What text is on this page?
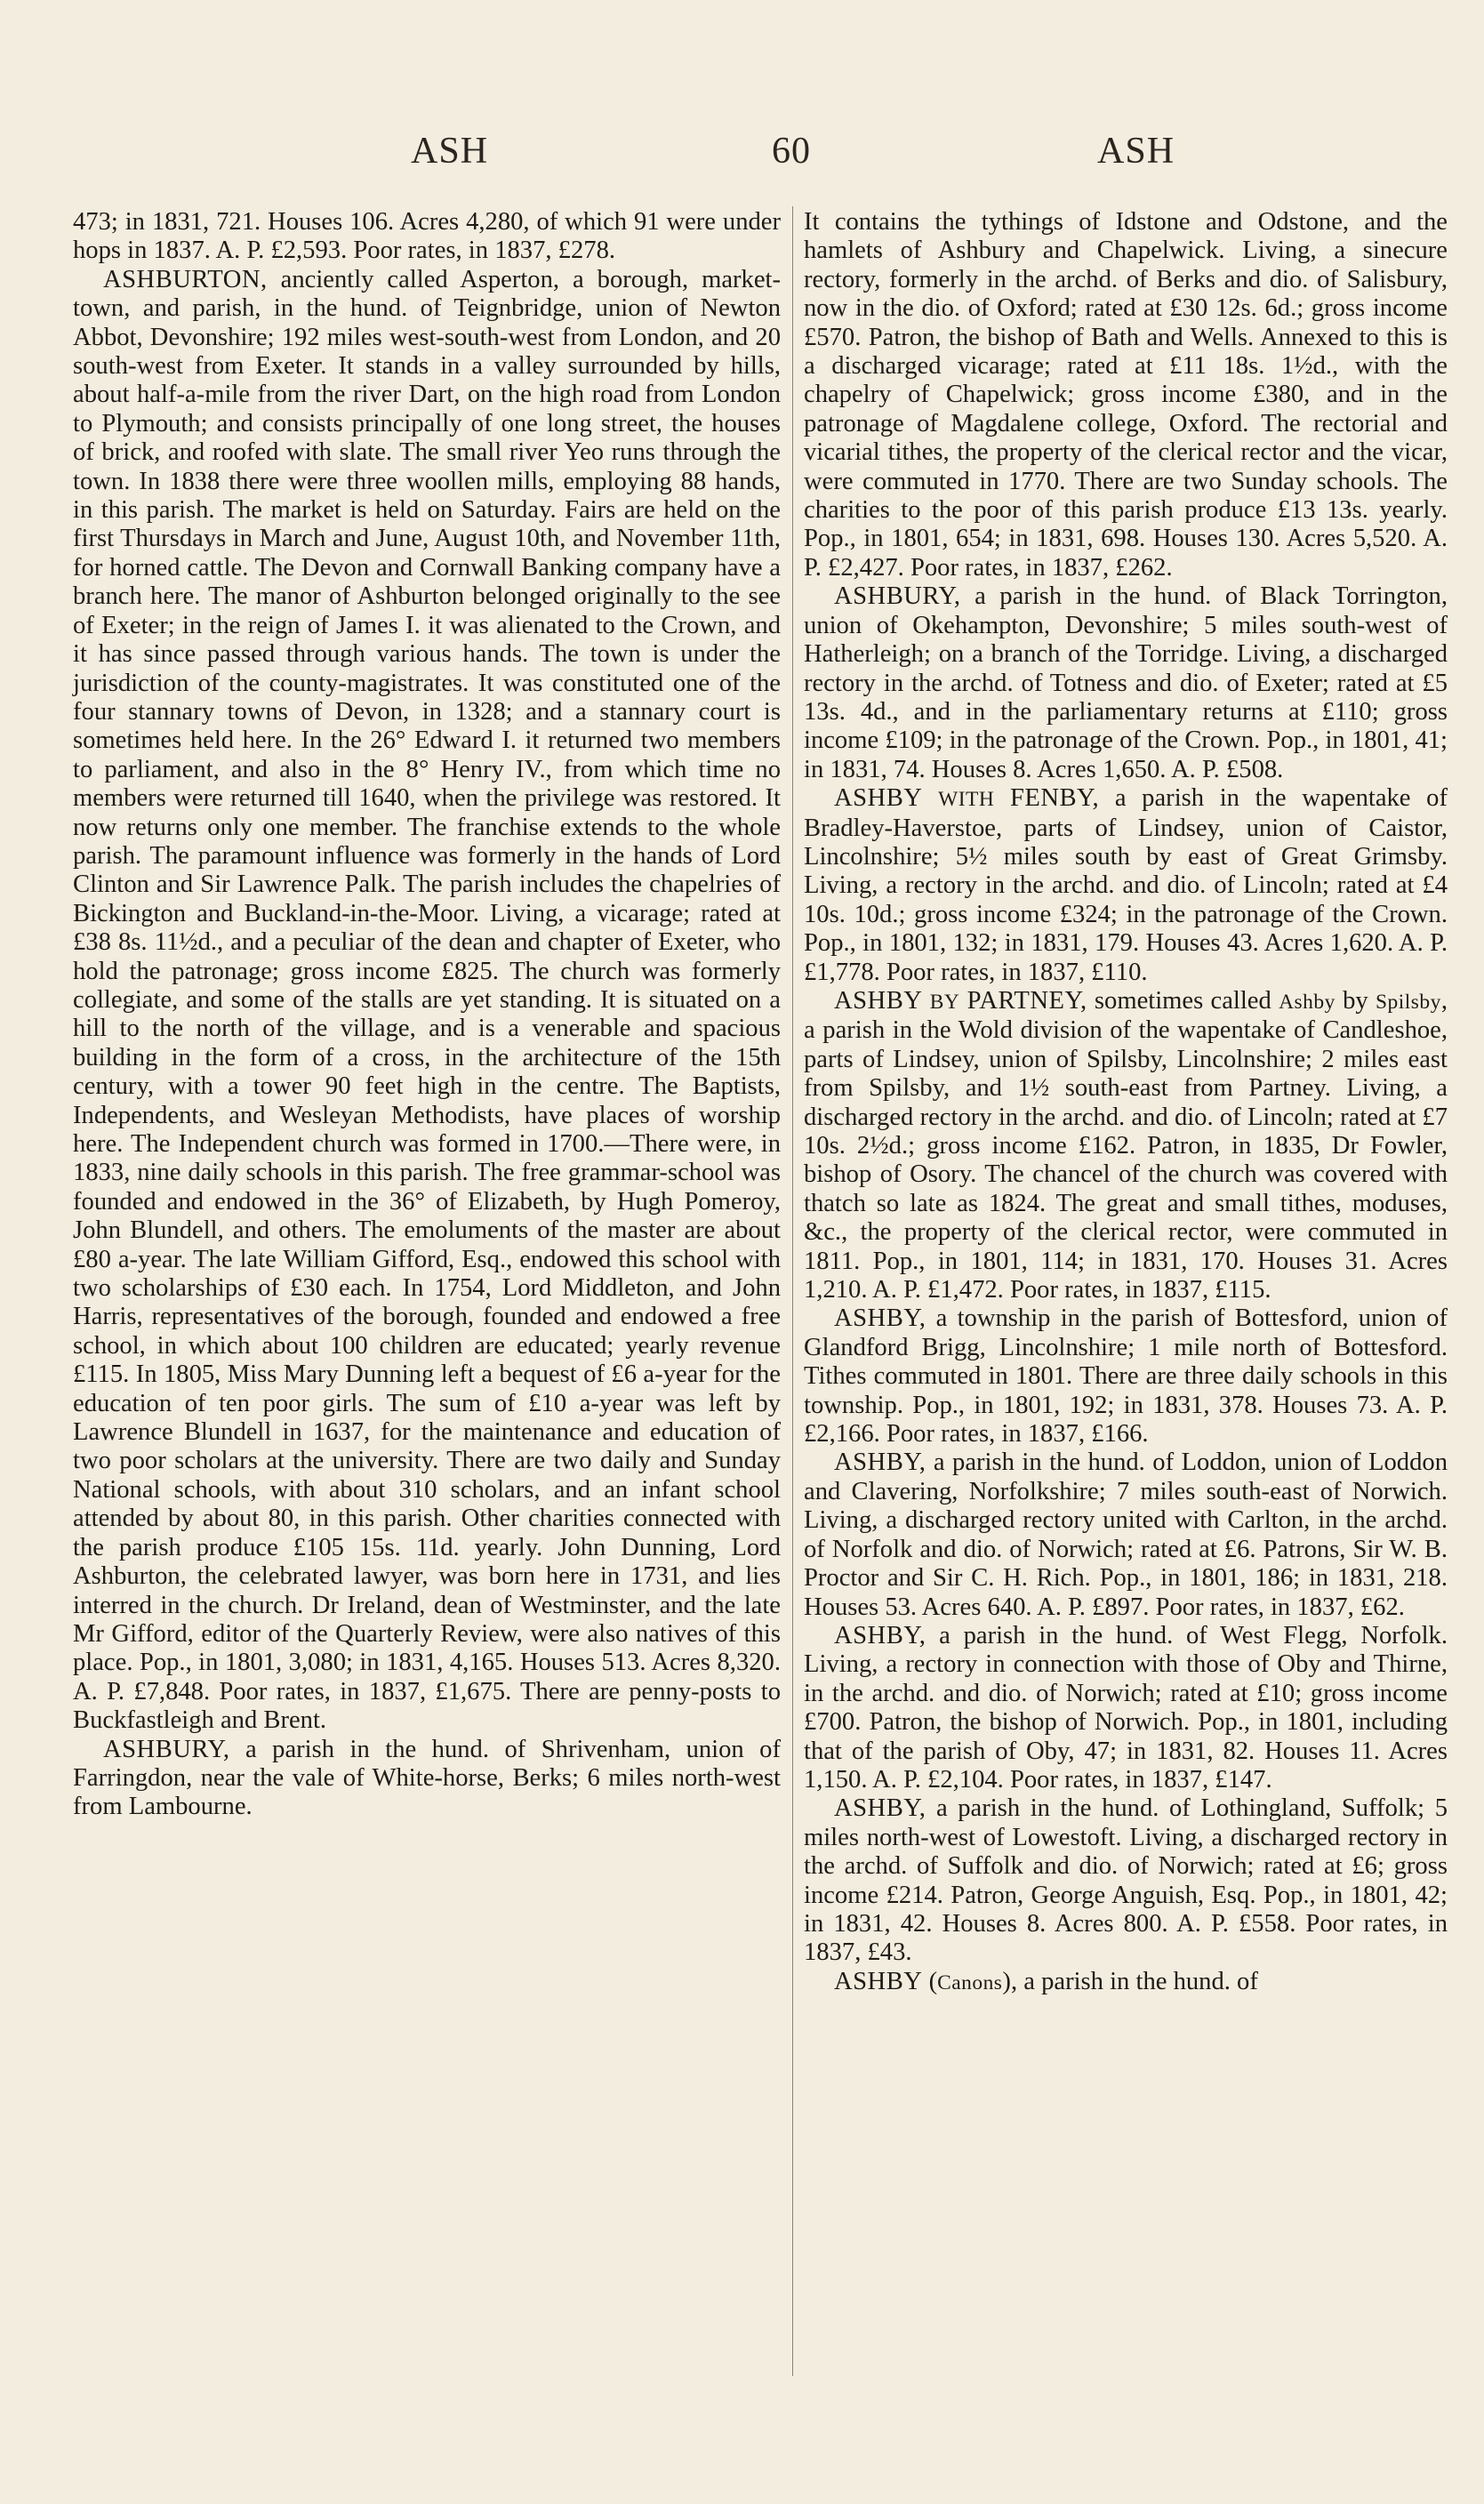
ASH	60	ASH

473; in 1831, 721. Houses 106. Acres 4,280, of which 91 were under hops in 1837. A. P. £2,593. Poor rates, in 1837, £278.

ASHBURTON, anciently called Asperton, a borough, market-town, and parish, in the hund. of Teignbridge, union of Newton Abbot, Devonshire; 192 miles west-south-west from London, and 20 south-west from Exeter. It stands in a valley surrounded by hills, about half-a-mile from the river Dart, on the high road from London to Plymouth; and consists principally of one long street, the houses of brick, and roofed with slate. The small river Yeo runs through the town. In 1838 there were three woollen mills, employing 88 hands, in this parish. The market is held on Saturday. Fairs are held on the first Thursdays in March and June, August 10th, and November 11th, for horned cattle. The Devon and Cornwall Banking company have a branch here. The manor of Ashburton belonged originally to the see of Exeter; in the reign of James I. it was alienated to the Crown, and it has since passed through various hands. The town is under the jurisdiction of the county-magistrates. It was constituted one of the four stannary towns of Devon, in 1328; and a stannary court is sometimes held here. In the 26° Edward I. it returned two members to parliament, and also in the 8° Henry IV., from which time no members were returned till 1640, when the privilege was restored. It now returns only one member. The franchise extends to the whole parish. The paramount influence was formerly in the hands of Lord Clinton and Sir Lawrence Palk. The parish includes the chapelries of Bickington and Buckland-in-the-Moor. Living, a vicarage; rated at £38 8s. 11½d., and a peculiar of the dean and chapter of Exeter, who hold the patronage; gross income £825. The church was formerly collegiate, and some of the stalls are yet standing. It is situated on a hill to the north of the village, and is a venerable and spacious building in the form of a cross, in the architecture of the 15th century, with a tower 90 feet high in the centre. The Baptists, Independents, and Wesleyan Methodists, have places of worship here. The Independent church was formed in 1700.—There were, in 1833, nine daily schools in this parish. The free grammar-school was founded and endowed in the 36° of Elizabeth, by Hugh Pomeroy, John Blundell, and others. The emoluments of the master are about £80 a-year. The late William Gifford, Esq., endowed this school with two scholarships of £30 each. In 1754, Lord Middleton, and John Harris, representatives of the borough, founded and endowed a free school, in which about 100 children are educated; yearly revenue £115. In 1805, Miss Mary Dunning left a bequest of £6 a-year for the education of ten poor girls. The sum of £10 a-year was left by Lawrence Blundell in 1637, for the maintenance and education of two poor scholars at the university. There are two daily and Sunday National schools, with about 310 scholars, and an infant school attended by about 80, in this parish. Other charities connected with the parish produce £105 15s. 11d. yearly. John Dunning, Lord Ashburton, the celebrated lawyer, was born here in 1731, and lies interred in the church. Dr Ireland, dean of Westminster, and the late Mr Gifford, editor of the Quarterly Review, were also natives of this place. Pop., in 1801, 3,080; in 1831, 4,165. Houses 513. Acres 8,320. A. P. £7,848. Poor rates, in 1837, £1,675. There are penny-posts to Buckfastleigh and Brent.

ASHBURY, a parish in the hund. of Shrivenham, union of Farringdon, near the vale of White-horse, Berks; 6 miles north-west from Lambourne.

It contains the tythings of Idstone and Odstone, and the hamlets of Ashbury and Chapelwick. Living, a sinecure rectory, formerly in the archd. of Berks and dio. of Salisbury, now in the dio. of Oxford; rated at £30 12s. 6d.; gross income £570. Patron, the bishop of Bath and Wells. Annexed to this is a discharged vicarage; rated at £11 18s. 1½d., with the chapelry of Chapelwick; gross income £380, and in the patronage of Magdalene college, Oxford. The rectorial and vicarial tithes, the property of the clerical rector and the vicar, were commuted in 1770. There are two Sunday schools. The charities to the poor of this parish produce £13 13s. yearly. Pop., in 1801, 654; in 1831, 698. Houses 130. Acres 5,520. A. P. £2,427. Poor rates, in 1837, £262.

ASHBURY, a parish in the hund. of Black Torrington, union of Okehampton, Devonshire; 5 miles south-west of Hatherleigh; on a branch of the Torridge. Living, a discharged rectory in the archd. of Totness and dio. of Exeter; rated at £5 13s. 4d., and in the parliamentary returns at £110; gross income £109; in the patronage of the Crown. Pop., in 1801, 41; in 1831, 74. Houses 8. Acres 1,650. A. P. £508.

ASHBY WITH FENBY, a parish in the wapentake of Bradley-Haverstoe, parts of Lindsey, union of Caistor, Lincolnshire; 5½ miles south by east of Great Grimsby. Living, a rectory in the archd. and dio. of Lincoln; rated at £4 10s. 10d.; gross income £324; in the patronage of the Crown. Pop., in 1801, 132; in 1831, 179. Houses 43. Acres 1,620. A. P. £1,778. Poor rates, in 1837, £110.

ASHBY BY PARTNEY, sometimes called Ashby by Spilsby, a parish in the Wold division of the wapentake of Candleshoe, parts of Lindsey, union of Spilsby, Lincolnshire; 2 miles east from Spilsby, and 1½ south-east from Partney. Living, a discharged rectory in the archd. and dio. of Lincoln; rated at £7 10s. 2½d.; gross income £162. Patron, in 1835, Dr Fowler, bishop of Osory. The chancel of the church was covered with thatch so late as 1824. The great and small tithes, moduses, &c., the property of the clerical rector, were commuted in 1811. Pop., in 1801, 114; in 1831, 170. Houses 31. Acres 1,210. A. P. £1,472. Poor rates, in 1837, £115.

ASHBY, a township in the parish of Bottesford, union of Glandford Brigg, Lincolnshire; 1 mile north of Bottesford. Tithes commuted in 1801. There are three daily schools in this township. Pop., in 1801, 192; in 1831, 378. Houses 73. A. P. £2,166. Poor rates, in 1837, £166.

ASHBY, a parish in the hund. of Loddon, union of Loddon and Clavering, Norfolkshire; 7 miles south-east of Norwich. Living, a discharged rectory united with Carlton, in the archd. of Norfolk and dio. of Norwich; rated at £6. Patrons, Sir W. B. Proctor and Sir C. H. Rich. Pop., in 1801, 186; in 1831, 218. Houses 53. Acres 640. A. P. £897. Poor rates, in 1837, £62.

ASHBY, a parish in the hund. of West Flegg, Norfolk. Living, a rectory in connection with those of Oby and Thirne, in the archd. and dio. of Norwich; rated at £10; gross income £700. Patron, the bishop of Norwich. Pop., in 1801, including that of the parish of Oby, 47; in 1831, 82. Houses 11. Acres 1,150. A. P. £2,104. Poor rates, in 1837, £147.

ASHBY, a parish in the hund. of Lothingland, Suffolk; 5 miles north-west of Lowestoft. Living, a discharged rectory in the archd. of Suffolk and dio. of Norwich; rated at £6; gross income £214. Patron, George Anguish, Esq. Pop., in 1801, 42; in 1831, 42. Houses 8. Acres 800. A. P. £558. Poor rates, in 1837, £43.

ASHBY (Canons), a parish in the hund. of
